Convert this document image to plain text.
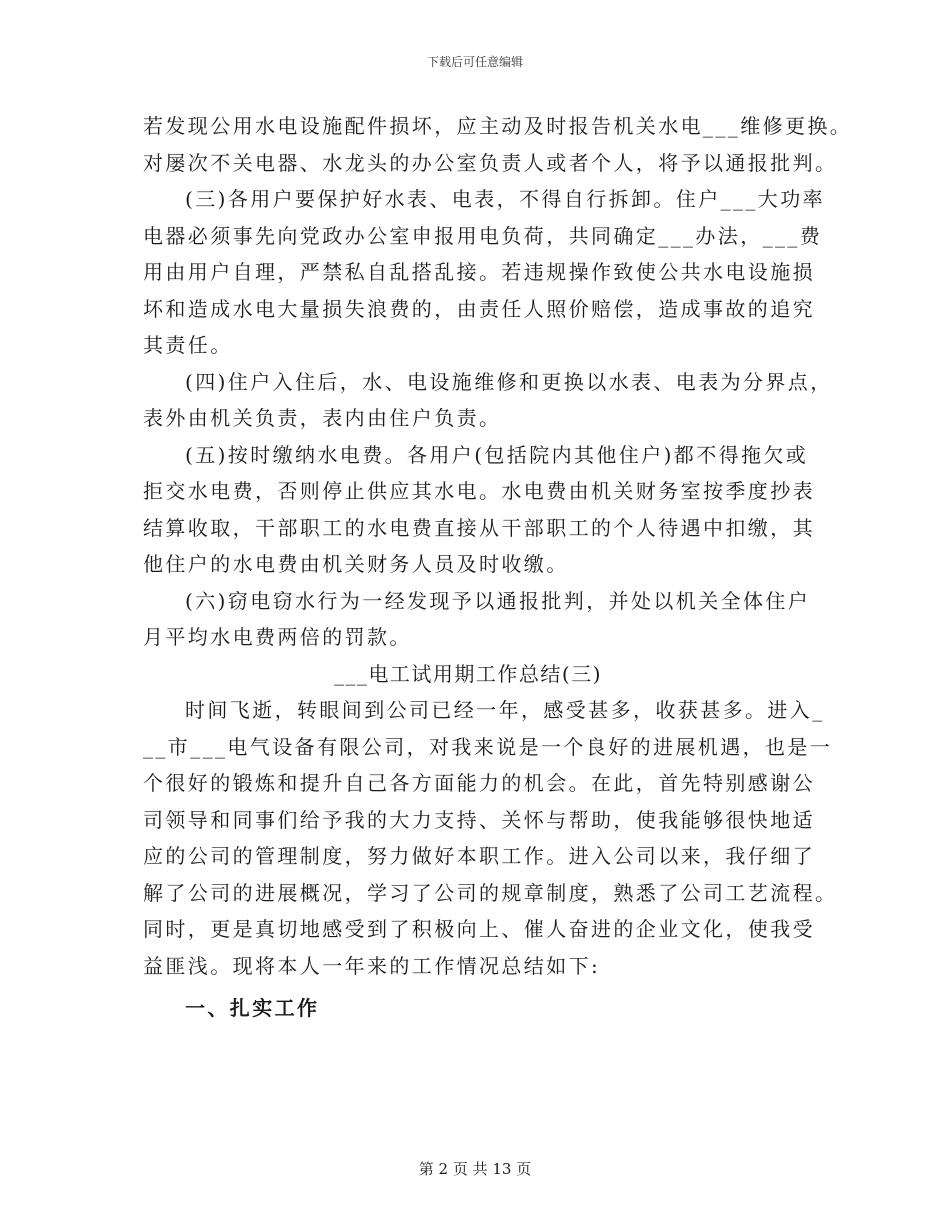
下载后可任意编辑
若发现公用水电设施配件损坏，应主动及时报告机关水电___维修更换。
对屡次不关电器、水龙头的办公室负责人或者个人，将予以通报批判。
(三)各用户要保护好水表、电表，不得自行拆卸。住户___大功率
电器必须事先向党政办公室申报用电负荷，共同确定___办法，___费
用由用户自理，严禁私自乱搭乱接。若违规操作致使公共水电设施损
坏和造成水电大量损失浪费的，由责任人照价赔偿，造成事故的追究
其责任。
(四)住户入住后，水、电设施维修和更换以水表、电表为分界点，
表外由机关负责，表内由住户负责。
(五)按时缴纳水电费。各用户(包括院内其他住户)都不得拖欠或
拒交水电费，否则停止供应其水电。水电费由机关财务室按季度抄表
结算收取，干部职工的水电费直接从干部职工的个人待遇中扣缴，其
他住户的水电费由机关财务人员及时收缴。
(六)窃电窃水行为一经发现予以通报批判，并处以机关全体住户
月平均水电费两倍的罚款。
___电工试用期工作总结(三)
时间飞逝，转眼间到公司已经一年，感受甚多，收获甚多。进入_
__市___电气设备有限公司，对我来说是一个良好的进展机遇，也是一
个很好的锻炼和提升自己各方面能力的机会。在此，首先特别感谢公
司领导和同事们给予我的大力支持、关怀与帮助，使我能够很快地适
应的公司的管理制度，努力做好本职工作。进入公司以来，我仔细了
解了公司的进展概况，学习了公司的规章制度，熟悉了公司工艺流程。
同时，更是真切地感受到了积极向上、催人奋进的企业文化，使我受
益匪浅。现将本人一年来的工作情况总结如下:
一、扎实工作
第 2 页 共 13 页
